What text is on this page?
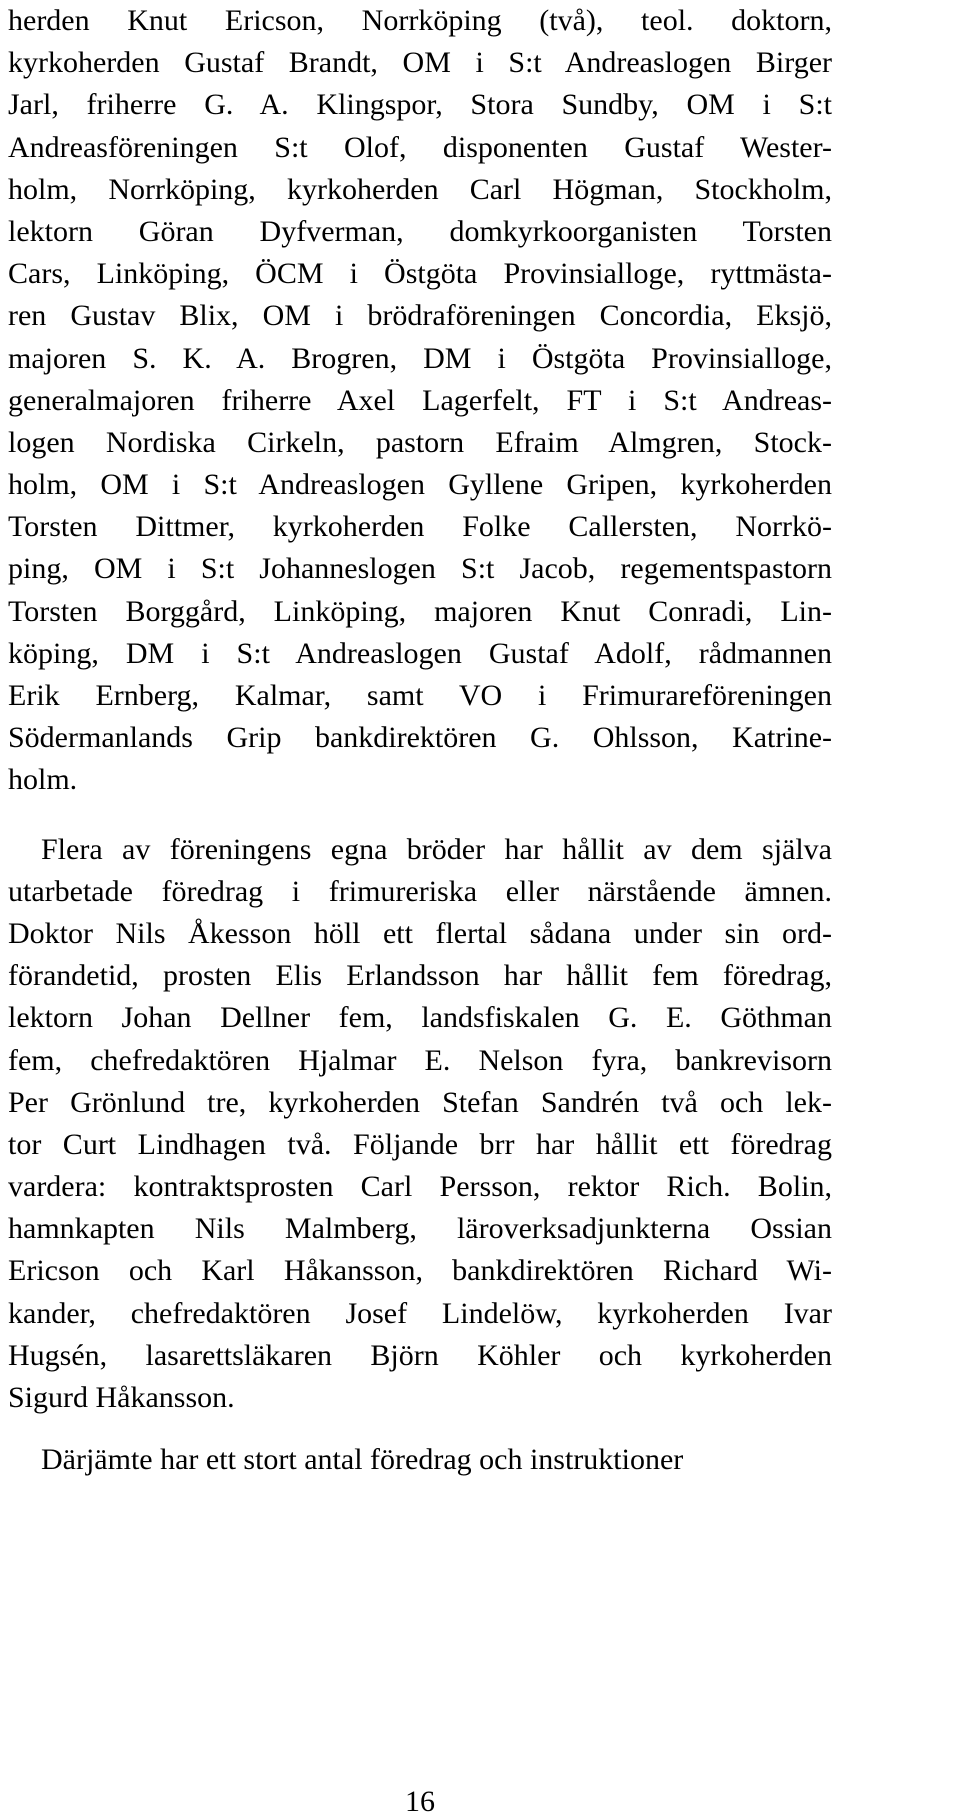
herden Knut Ericson, Norrköping (två), teol. doktorn,
kyrkoherden Gustaf Brandt, OM i S:t Andreaslogen Birger
Jarl, friherre G. A. Klingspor, Stora Sundby, OM i S:t
Andreasföreningen S:t Olof, disponenten Gustaf Wester-
holm, Norrköping, kyrkoherden Carl Högman, Stockholm,
lektorn Göran Dyfverman, domkyrkoorganisten Torsten
Cars, Linköping, ÖCM i Östgöta Provinsialloge, ryttmästa-
ren Gustav Blix, OM i brödraföreningen Concordia, Eksjö,
majoren S. K. A. Brogren, DM i Östgöta Provinsialloge,
generalmajoren friherre Axel Lagerfelt, FT i S:t Andreas-
logen Nordiska Cirkeln, pastorn Efraim Almgren, Stock-
holm, OM i S:t Andreaslogen Gyllene Gripen, kyrkoherden
Torsten Dittmer, kyrkoherden Folke Callersten, Norrkö-
ping, OM i S:t Johanneslogen S:t Jacob, regementspastorn
Torsten Borggård, Linköping, majoren Knut Conradi, Lin-
köping, DM i S:t Andreaslogen Gustaf Adolf, rådmannen
Erik Ernberg, Kalmar, samt VO i Frimurareföreningen
Södermanlands Grip bankdirektören G. Ohlsson, Katrine-
holm.
Flera av föreningens egna bröder har hållit av dem själva
utarbetade föredrag i frimureriska eller närstående ämnen.
Doktor Nils Åkesson höll ett flertal sådana under sin ord-
förandetid, prosten Elis Erlandsson har hållit fem föredrag,
lektorn Johan Dellner fem, landsfiskalen G. E. Göthman
fem, chefredaktören Hjalmar E. Nelson fyra, bankrevisorn
Per Grönlund tre, kyrkoherden Stefan Sandrén två och lek-
tor Curt Lindhagen två. Följande brr har hållit ett föredrag
vardera: kontraktsprosten Carl Persson, rektor Rich. Bolin,
hamnkapten Nils Malmberg, läroverksadjunkterna Ossian
Ericson och Karl Håkansson, bankdirektören Richard Wi-
kander, chefredaktören Josef Lindelöw, kyrkoherden Ivar
Hugsén, lasarettsläkaren Björn Köhler och kyrkoherden
Sigurd Håkansson.
Därjämte har ett stort antal föredrag och instruktioner
16
